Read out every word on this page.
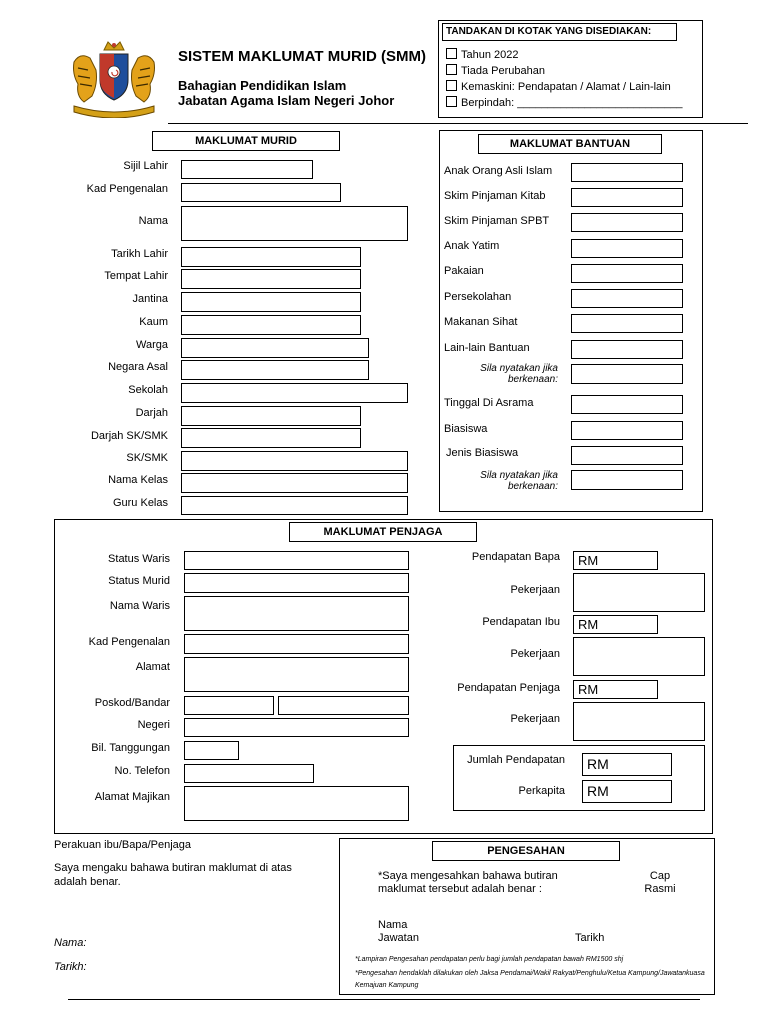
SISTEM MAKLUMAT MURID (SMM)
Bahagian Pendidikan Islam
Jabatan Agama Islam Negeri Johor
TANDAKAN DI KOTAK YANG DISEDIAKAN:
Tahun 2022
Tiada Perubahan
Kemaskini: Pendapatan / Alamat / Lain-lain
Berpindah: ___________________________
MAKLUMAT MURID
Sijil Lahir
Kad Pengenalan
Nama
Tarikh Lahir
Tempat Lahir
Jantina
Kaum
Warga
Negara Asal
Sekolah
Darjah
Darjah SK/SMK
SK/SMK
Nama Kelas
Guru Kelas
MAKLUMAT BANTUAN
Anak Orang Asli Islam
Skim Pinjaman Kitab
Skim Pinjaman SPBT
Anak Yatim
Pakaian
Persekolahan
Makanan Sihat
Lain-lain Bantuan
Sila nyatakan jika berkenaan:
Tinggal Di Asrama
Biasiswa
Jenis Biasiswa
Sila nyatakan jika berkenaan:
MAKLUMAT PENJAGA
Status Waris
Status Murid
Nama Waris
Kad Pengenalan
Alamat
Poskod/Bandar
Negeri
Bil. Tanggungan
No. Telefon
Alamat Majikan
Pendapatan Bapa	RM
Pekerjaan
Pendapatan Ibu	RM
Pekerjaan
Pendapatan Penjaga	RM
Pekerjaan
Jumlah Pendapatan	RM
Perkapita	RM
Perakuan ibu/Bapa/Penjaga
Saya mengaku bahawa butiran maklumat di atas adalah benar.
Nama:
Tarikh:
PENGESAHAN
*Saya mengesahkan bahawa butiran maklumat tersebut adalah benar :
Cap Rasmi
Nama
Jawatan	Tarikh
*Lampiran Pengesahan pendapatan perlu bagi jumlah pendapatan bawah RM1500 shj
*Pengesahan hendaklah dilakukan oleh Jaksa Pendamai/Wakil Rakyat/Penghulu/Ketua Kampung/Jawatankuasa Kemajuan Kampung
